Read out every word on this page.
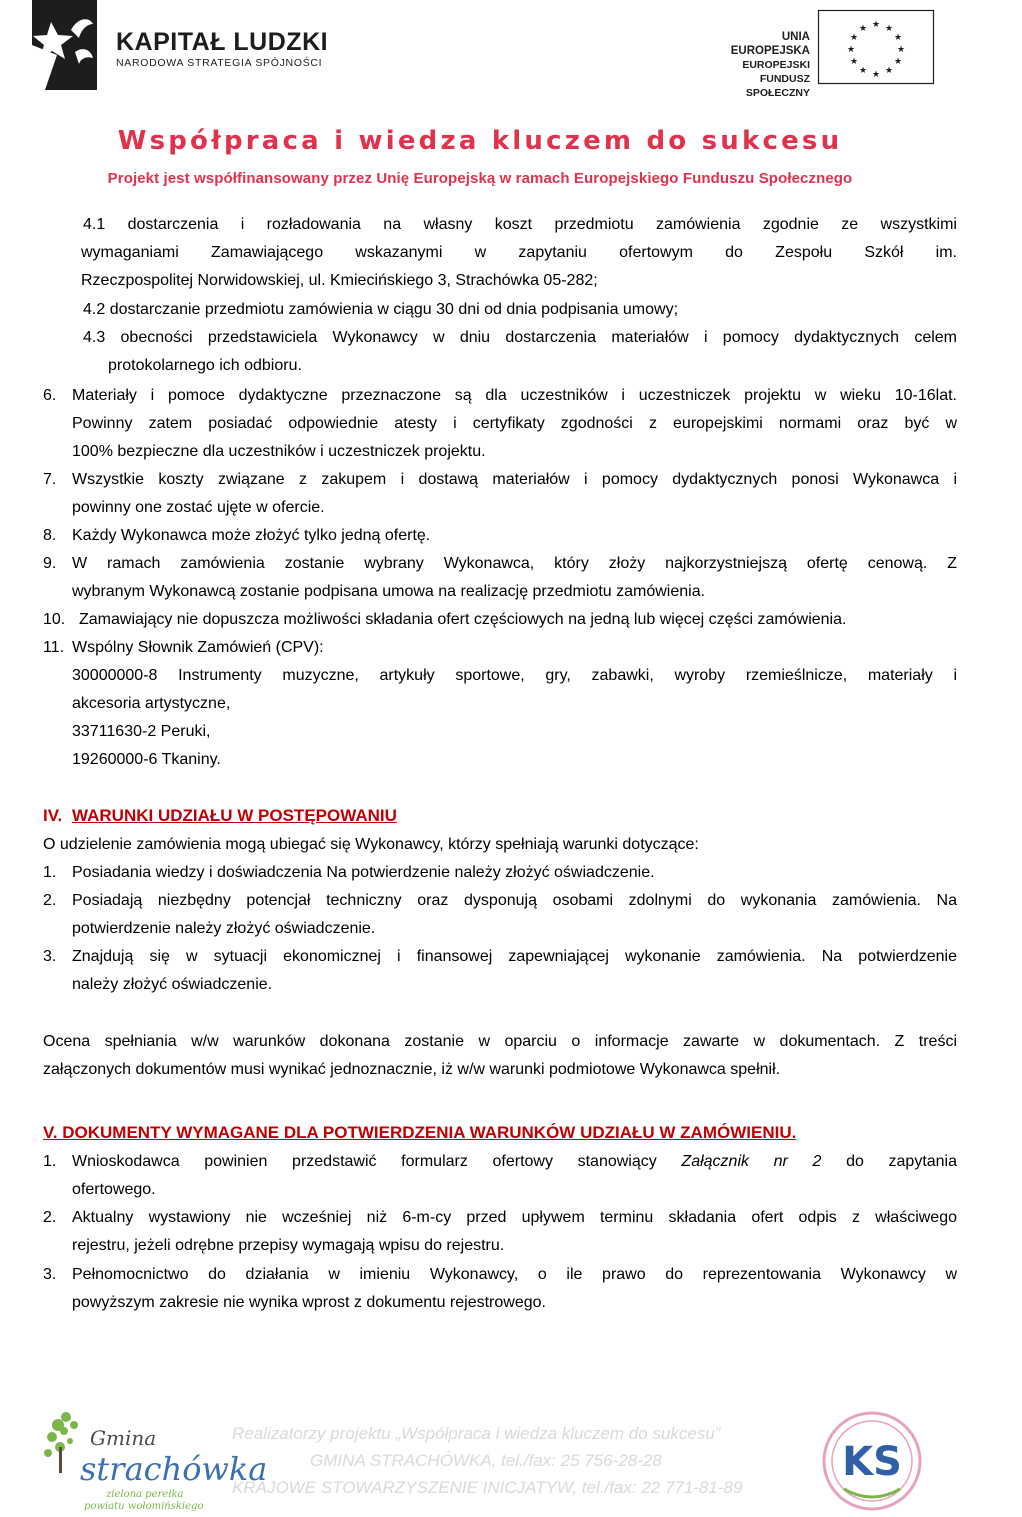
KAPITAŁ LUDZKI
NARODOWA STRATEGIA SPÓJNOŚCI
UNIA EUROPEJSKA
EUROPEJSKI
FUNDUSZ SPOŁECZNY
★ ★
★
★
★
★
★
★
★
★
★
★
Współpraca i wiedza kluczem do sukcesu
Projekt jest współfinansowany przez Unię Europejską w ramach Europejskiego Funduszu Społecznego
4.1 dostarczenia i rozładowania na własny koszt przedmiotu zamówienia zgodnie ze wszystkimi
wymaganiami Zamawiającego wskazanymi w zapytaniu ofertowym do Zespołu Szkół im.
Rzeczpospolitej Norwidowskiej, ul. Kmiecińskiego 3, Strachówka 05-282;
4.2 dostarczanie przedmiotu zamówienia w ciągu 30 dni od dnia podpisania umowy;
4.3 obecności przedstawiciela Wykonawcy w dniu dostarczenia materiałów i pomocy dydaktycznych celem
protokolarnego ich odbioru.
6. Materiały i pomoce dydaktyczne przeznaczone są dla uczestników i uczestniczek projektu w wieku 10-16lat.
Powinny zatem posiadać odpowiednie atesty i certyfikaty zgodności z europejskimi normami oraz być w
100% bezpieczne dla uczestników i uczestniczek projektu.
7. Wszystkie koszty związane z zakupem i dostawą materiałów i pomocy dydaktycznych ponosi Wykonawca i
powinny one zostać ujęte w ofercie.
8. Każdy Wykonawca może złożyć tylko jedną ofertę.
9. W ramach zamówienia zostanie wybrany Wykonawca, który złoży najkorzystniejszą ofertę cenową. Z
wybranym Wykonawcą zostanie podpisana umowa na realizację przedmiotu zamówienia.
10. Zamawiający nie dopuszcza możliwości składania ofert częściowych na jedną lub więcej części zamówienia.
11. Wspólny Słownik Zamówień (CPV):
30000000-8 Instrumenty muzyczne, artykuły sportowe, gry, zabawki, wyroby rzemieślnicze, materiały i
akcesoria artystyczne,
33711630-2 Peruki,
19260000-6 Tkaniny.
IV. WARUNKI UDZIAŁU W POSTĘPOWANIU
O udzielenie zamówienia mogą ubiegać się Wykonawcy, którzy spełniają warunki dotyczące:
1. Posiadania wiedzy i doświadczenia Na potwierdzenie należy złożyć oświadczenie.
2. Posiadają niezbędny potencjał techniczny oraz dysponują osobami zdolnymi do wykonania zamówienia. Na
potwierdzenie należy złożyć oświadczenie.
3. Znajdują się w sytuacji ekonomicznej i finansowej zapewniającej wykonanie zamówienia. Na potwierdzenie
należy złożyć oświadczenie.
Ocena spełniania w/w warunków dokonana zostanie w oparciu o informacje zawarte w dokumentach. Z treści
załączonych dokumentów musi wynikać jednoznacznie, iż w/w warunki podmiotowe Wykonawca spełnił.
V. DOKUMENTY WYMAGANE DLA POTWIERDZENIA WARUNKÓW UDZIAŁU W ZAMÓWIENIU.
1. Wnioskodawca powinien przedstawić formularz ofertowy stanowiący Załącznik nr 2 do zapytania
ofertowego.
2. Aktualny wystawiony nie wcześniej niż 6-m-cy przed upływem terminu składania ofert odpis z właściwego
rejestru, jeżeli odrębne przepisy wymagają wpisu do rejestru.
3. Pełnomocnictwo do działania w imieniu Wykonawcy, o ile prawo do reprezentowania Wykonawcy w
powyższym zakresie nie wynika wprost z dokumentu rejestrowego.
Gmina
strachówka
zielona perełka
powiatu wołomińskiego
Realizatorzy projektu „Współpraca i wiedza kluczem do sukcesu”
GMINA STRACHÓWKA, tel./fax: 25 756-28-28
KRAJOWE STOWARZYSZENIE INICJATYW, tel./fax: 22 771-81-89
KS
